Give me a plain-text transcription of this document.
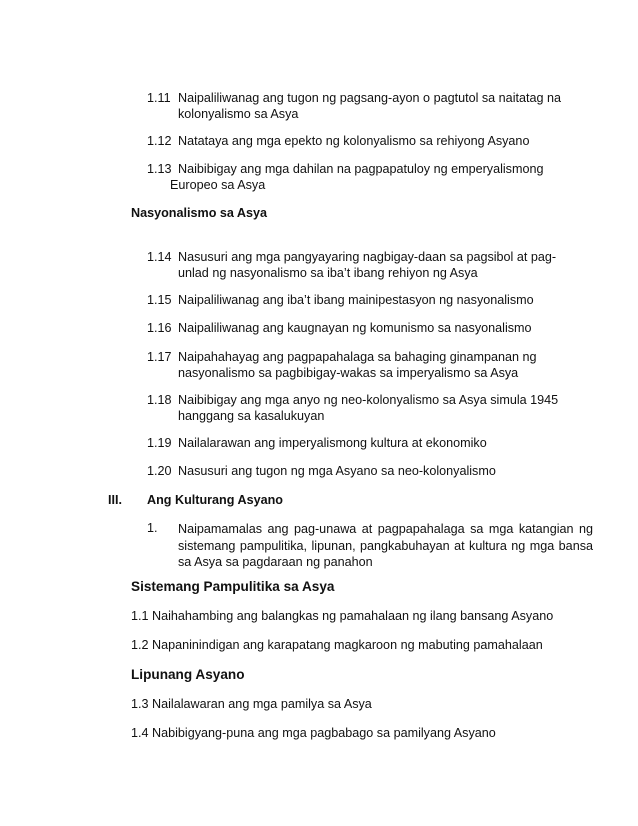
1.11 Naipaliliwanag ang tugon ng pagsang-ayon o pagtutol sa naitatag na
kolonyalismo sa Asya
1.12 Natataya ang mga epekto ng kolonyalismo sa rehiyong Asyano
1.13 Naibibigay ang mga dahilan na pagpapatuloy ng emperyalismong
Europeo sa Asya
Nasyonalismo sa Asya
1.14 Nasusuri ang mga pangyayaring nagbigay-daan sa pagsibol at pag-
unlad ng nasyonalismo sa iba’t ibang rehiyon ng Asya
1.15 Naipaliliwanag ang iba’t ibang mainipestasyon ng nasyonalismo
1.16 Naipaliliwanag ang kaugnayan ng komunismo sa nasyonalismo
1.17 Naipahahayag ang pagpapahalaga sa bahaging ginampanan ng
nasyonalismo sa pagbibigay-wakas sa imperyalismo sa Asya
1.18 Naibibigay ang mga anyo ng neo-kolonyalismo sa Asya simula 1945
hanggang sa kasalukuyan
1.19 Nailalarawan ang imperyalismong kultura at ekonomiko
1.20 Nasusuri ang tugon ng mga Asyano sa neo-kolonyalismo
III. Ang Kulturang Asyano
1. Naipamamalas ang pag-unawa at pagpapahalaga sa mga katangian ng sistemang pampulitika, lipunan, pangkabuhayan at kultura ng mga bansa sa Asya sa pagdaraan ng panahon
Sistemang Pampulitika sa Asya
1.1 Naihahambing ang balangkas ng pamahalaan ng ilang bansang Asyano
1.2 Napaninindigan ang karapatang magkaroon ng mabuting pamahalaan
Lipunang Asyano
1.3 Nailalawaran ang mga pamilya sa Asya
1.4 Nabibigyang-puna ang mga pagbabago sa pamilyang Asyano
